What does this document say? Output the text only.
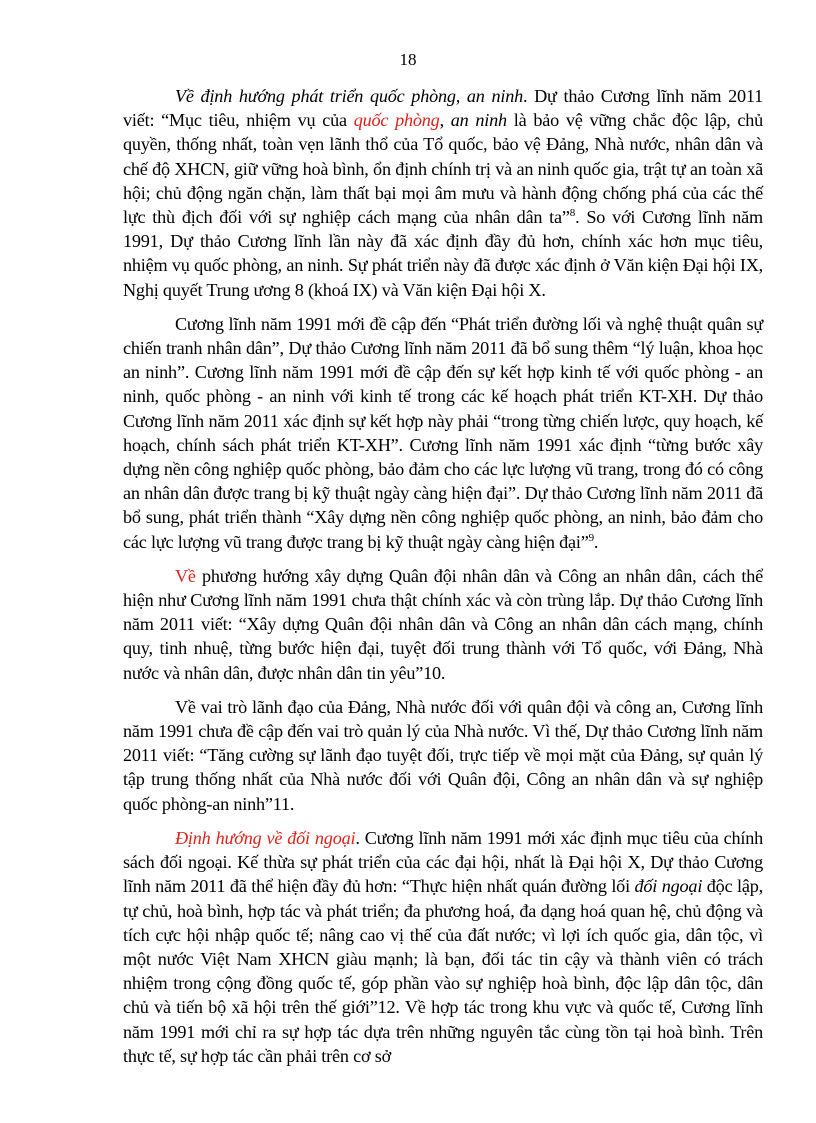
18

Về định hướng phát triển quốc phòng, an ninh. Dự thảo Cương lĩnh năm 2011 viết: “Mục tiêu, nhiệm vụ của quốc phòng, an ninh là bảo vệ vững chắc độc lập, chủ quyền, thống nhất, toàn vẹn lãnh thổ của Tổ quốc, bảo vệ Đảng, Nhà nước, nhân dân và chế độ XHCN, giữ vững hoà bình, ổn định chính trị và an ninh quốc gia, trật tự an toàn xã hội; chủ động ngăn chặn, làm thất bại mọi âm mưu và hành động chống phá của các thế lực thù địch đối với sự nghiệp cách mạng của nhân dân ta”$^8$. So với Cương lĩnh năm 1991, Dự thảo Cương lĩnh lần này đã xác định đầy đủ hơn, chính xác hơn mục tiêu, nhiệm vụ quốc phòng, an ninh. Sự phát triển này đã được xác định ở Văn kiện Đại hội IX, Nghị quyết Trung ương 8 (khoá IX) và Văn kiện Đại hội X.

Cương lĩnh năm 1991 mới đề cập đến “Phát triển đường lối và nghệ thuật quân sự chiến tranh nhân dân”, Dự thảo Cương lĩnh năm 2011 đã bổ sung thêm “lý luận, khoa học an ninh”. Cương lĩnh năm 1991 mới đề cập đến sự kết hợp kinh tế với quốc phòng - an ninh, quốc phòng - an ninh với kinh tế trong các kế hoạch phát triển KT-XH. Dự thảo Cương lĩnh năm 2011 xác định sự kết hợp này phải “trong từng chiến lược, quy hoạch, kế hoạch, chính sách phát triển KT-XH”. Cương lĩnh năm 1991 xác định “từng bước xây dựng nền công nghiệp quốc phòng, bảo đảm cho các lực lượng vũ trang, trong đó có công an nhân dân được trang bị kỹ thuật ngày càng hiện đại”. Dự thảo Cương lĩnh năm 2011 đã bổ sung, phát triển thành “Xây dựng nền công nghiệp quốc phòng, an ninh, bảo đảm cho các lực lượng vũ trang được trang bị kỹ thuật ngày càng hiện đại”$^9$.

Về phương hướng xây dựng Quân đội nhân dân và Công an nhân dân, cách thể hiện như Cương lĩnh năm 1991 chưa thật chính xác và còn trùng lắp. Dự thảo Cương lĩnh năm 2011 viết: “Xây dựng Quân đội nhân dân và Công an nhân dân cách mạng, chính quy, tinh nhuệ, từng bước hiện đại, tuyệt đối trung thành với Tổ quốc, với Đảng, Nhà nước và nhân dân, được nhân dân tin yêu”10.

Về vai trò lãnh đạo của Đảng, Nhà nước đối với quân đội và công an, Cương lĩnh năm 1991 chưa đề cập đến vai trò quản lý của Nhà nước. Vì thế, Dự thảo Cương lĩnh năm 2011 viết: “Tăng cường sự lãnh đạo tuyệt đối, trực tiếp về mọi mặt của Đảng, sự quản lý tập trung thống nhất của Nhà nước đối với Quân đội, Công an nhân dân và sự nghiệp quốc phòng-an ninh”11.

Định hướng về đối ngoại. Cương lĩnh năm 1991 mới xác định mục tiêu của chính sách đối ngoại. Kế thừa sự phát triển của các đại hội, nhất là Đại hội X, Dự thảo Cương lĩnh năm 2011 đã thể hiện đầy đủ hơn: “Thực hiện nhất quán đường lối đối ngoại độc lập, tự chủ, hoà bình, hợp tác và phát triển; đa phương hoá, đa dạng hoá quan hệ, chủ động và tích cực hội nhập quốc tế; nâng cao vị thế của đất nước; vì lợi ích quốc gia, dân tộc, vì một nước Việt Nam XHCN giàu mạnh; là bạn, đối tác tin cậy và thành viên có trách nhiệm trong cộng đồng quốc tế, góp phần vào sự nghiệp hoà bình, độc lập dân tộc, dân chủ và tiến bộ xã hội trên thế giới”12. Về hợp tác trong khu vực và quốc tế, Cương lĩnh năm 1991 mới chỉ ra sự hợp tác dựa trên những nguyên tắc cùng tồn tại hoà bình. Trên thực tế, sự hợp tác cần phải trên cơ sở
